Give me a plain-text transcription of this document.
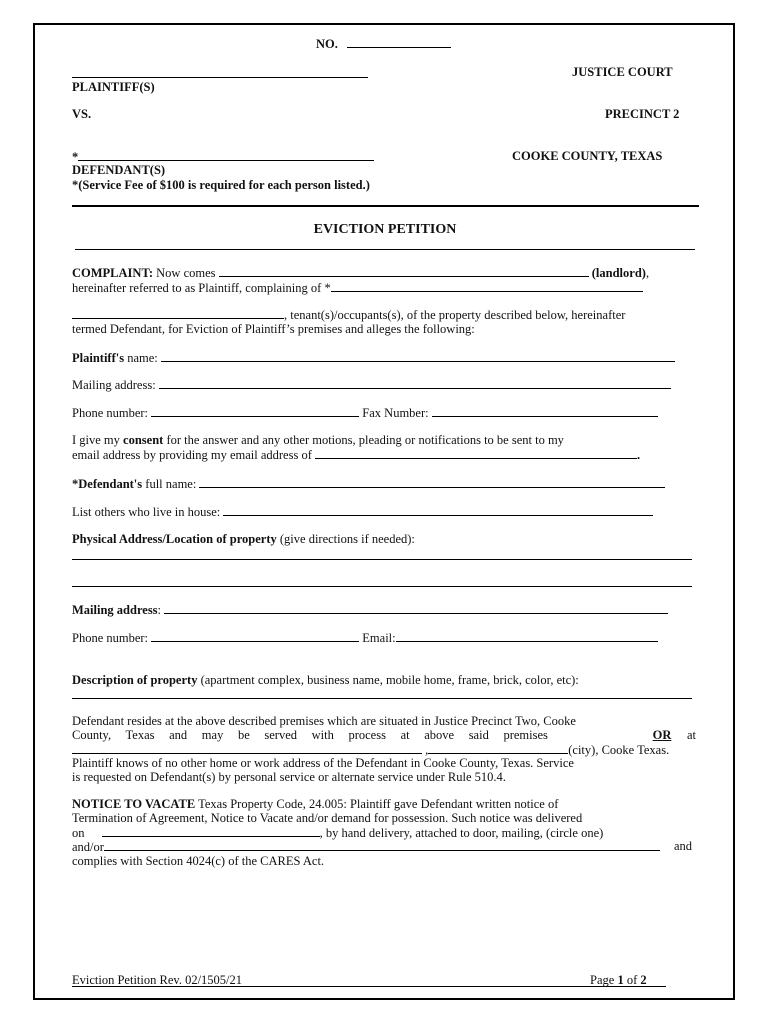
NO.
JUSTICE COURT
PLAINTIFF(S)
VS.	PRECINCT 2
*	COOKE COUNTY, TEXAS
DEFENDANT(S)
*(Service Fee of $100 is required for each person listed.)
EVICTION PETITION
COMPLAINT: Now comes	(landlord),
hereinafter referred to as Plaintiff, complaining of *
, tenant(s)/occupants(s), of the property described below, hereinafter
termed Defendant, for Eviction of Plaintiff’s premises and alleges the following:
Plaintiff's name:
Mailing address:
Phone number:	Fax Number:
I give my consent for the answer and any other motions, pleading or notifications to be sent to my
email address by providing my email address of	.
*Defendant's full name:
List others who live in house:
Physical Address/Location of property (give directions if needed):
Mailing address:
Phone number:	Email:
Description of property (apartment complex, business name, mobile home, frame, brick, color, etc):
Defendant resides at the above described premises which are situated in Justice Precinct Two, Cooke
County, Texas and may be served with process at above said premises	OR at
,	(city), Cooke Texas.
Plaintiff knows of no other home or work address of the Defendant in Cooke County, Texas. Service
is requested on Defendant(s) by personal service or alternate service under Rule 510.4.
NOTICE TO VACATE Texas Property Code, 24.005: Plaintiff gave Defendant written notice of
Termination of Agreement, Notice to Vacate and/or demand for possession. Such notice was delivered
on	, by hand delivery, attached to door, mailing, (circle one)
and/or	and
complies with Section 4024(c) of the CARES Act.
Eviction Petition Rev. 02/1505/21	Page 1 of 2
